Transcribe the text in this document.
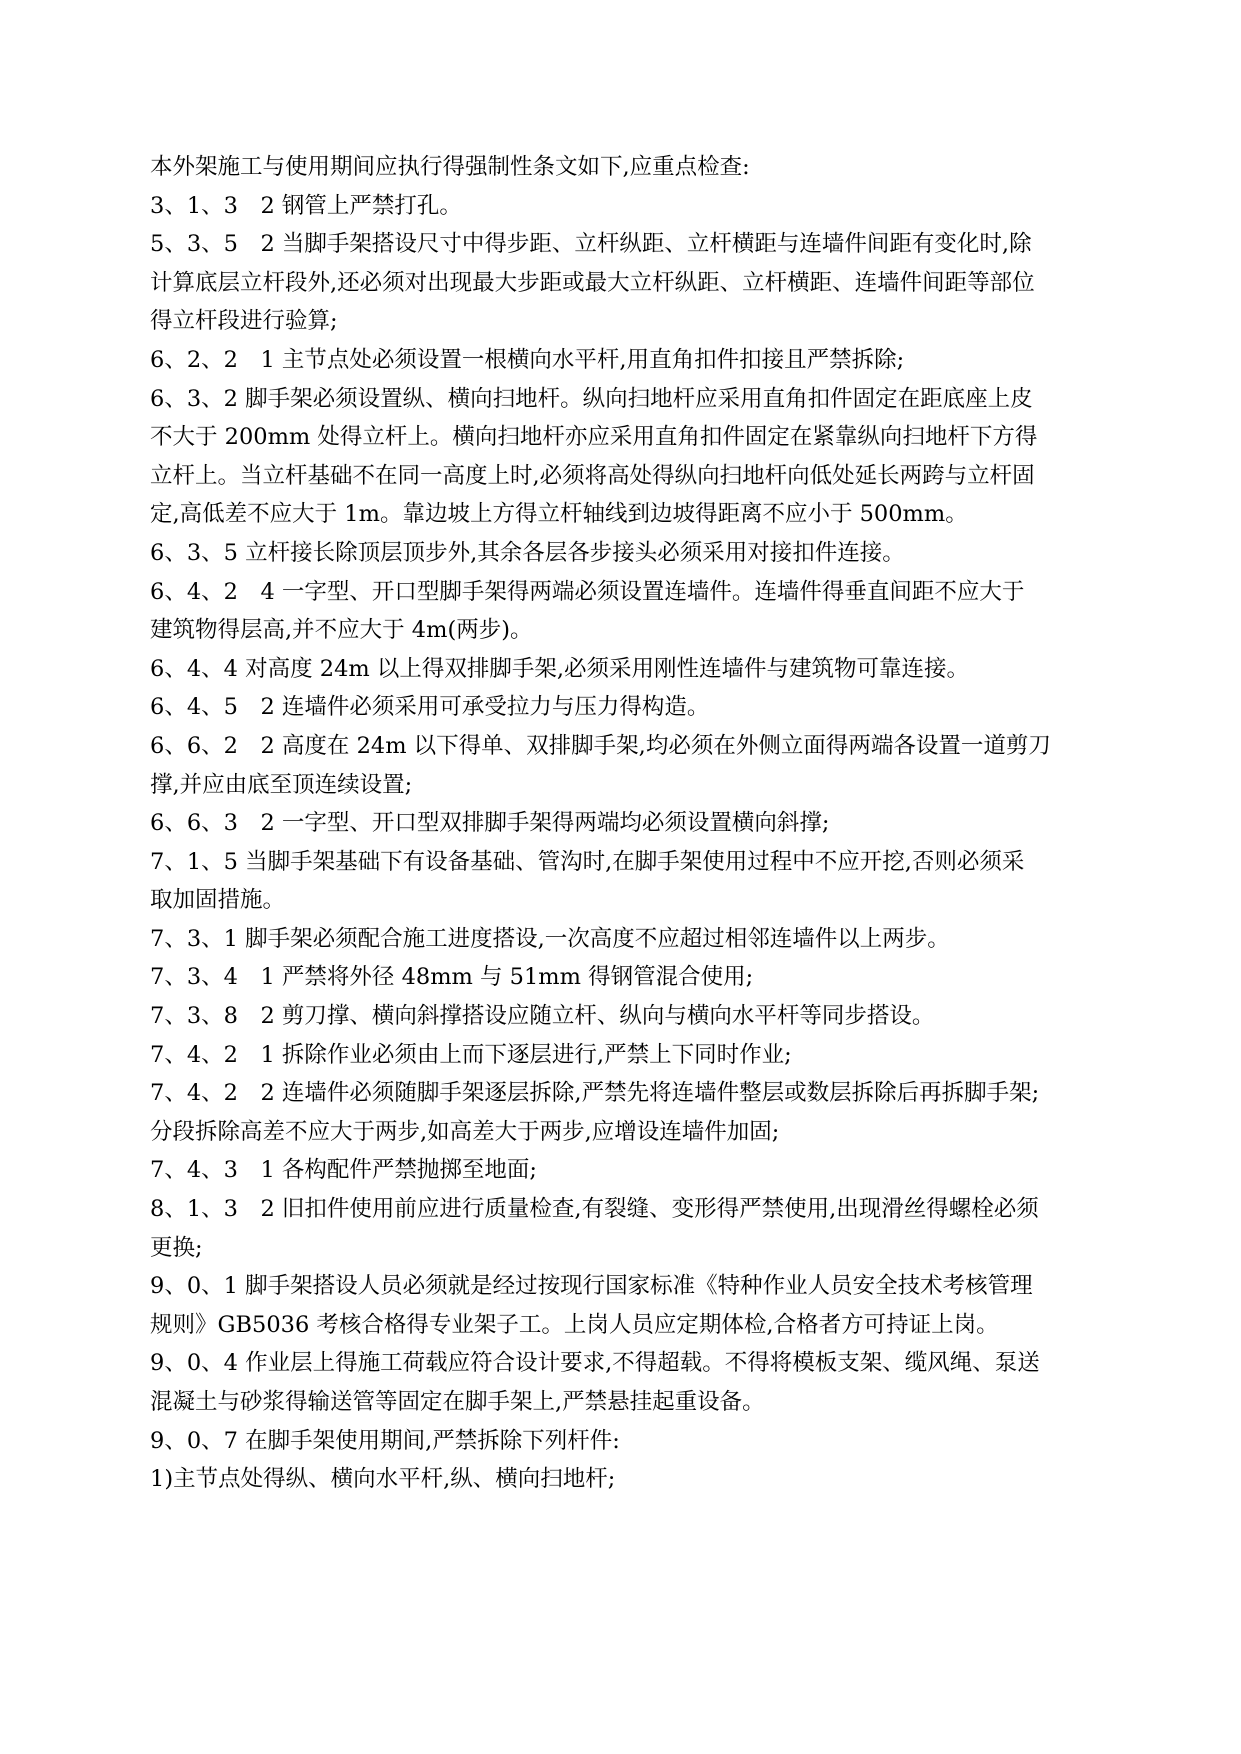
本外架施工与使用期间应执行得强制性条文如下,应重点检查:
3、1、3　2 钢管上严禁打孔。
5、3、5　2 当脚手架搭设尺寸中得步距、立杆纵距、立杆横距与连墙件间距有变化时,除
计算底层立杆段外,还必须对出现最大步距或最大立杆纵距、立杆横距、连墙件间距等部位
得立杆段进行验算;
6、2、2　1 主节点处必须设置一根横向水平杆,用直角扣件扣接且严禁拆除;
6、3、2 脚手架必须设置纵、横向扫地杆。纵向扫地杆应采用直角扣件固定在距底座上皮
不大于 200mm 处得立杆上。横向扫地杆亦应采用直角扣件固定在紧靠纵向扫地杆下方得
立杆上。当立杆基础不在同一高度上时,必须将高处得纵向扫地杆向低处延长两跨与立杆固
定,高低差不应大于 1m。靠边坡上方得立杆轴线到边坡得距离不应小于 500mm。
6、3、5 立杆接长除顶层顶步外,其余各层各步接头必须采用对接扣件连接。
6、4、2　4 一字型、开口型脚手架得两端必须设置连墙件。连墙件得垂直间距不应大于
建筑物得层高,并不应大于 4m(两步)。
6、4、4 对高度 24m 以上得双排脚手架,必须采用刚性连墙件与建筑物可靠连接。
6、4、5　2 连墙件必须采用可承受拉力与压力得构造。
6、6、2　2 高度在 24m 以下得单、双排脚手架,均必须在外侧立面得两端各设置一道剪刀
撑,并应由底至顶连续设置;
6、6、3　2 一字型、开口型双排脚手架得两端均必须设置横向斜撑;
7、1、5 当脚手架基础下有设备基础、管沟时,在脚手架使用过程中不应开挖,否则必须采
取加固措施。
7、3、1 脚手架必须配合施工进度搭设,一次高度不应超过相邻连墙件以上两步。
7、3、4　1 严禁将外径 48mm 与 51mm 得钢管混合使用;
7、3、8　2 剪刀撑、横向斜撑搭设应随立杆、纵向与横向水平杆等同步搭设。
7、4、2　1 拆除作业必须由上而下逐层进行,严禁上下同时作业;
7、4、2　2 连墙件必须随脚手架逐层拆除,严禁先将连墙件整层或数层拆除后再拆脚手架;
分段拆除高差不应大于两步,如高差大于两步,应增设连墙件加固;
7、4、3　1 各构配件严禁抛掷至地面;
8、1、3　2 旧扣件使用前应进行质量检查,有裂缝、变形得严禁使用,出现滑丝得螺栓必须
更换;
9、0、1 脚手架搭设人员必须就是经过按现行国家标准《特种作业人员安全技术考核管理
规则》GB5036 考核合格得专业架子工。上岗人员应定期体检,合格者方可持证上岗。
9、0、4 作业层上得施工荷载应符合设计要求,不得超载。不得将模板支架、缆风绳、泵送
混凝土与砂浆得输送管等固定在脚手架上,严禁悬挂起重设备。
9、0、7 在脚手架使用期间,严禁拆除下列杆件:
1)主节点处得纵、横向水平杆,纵、横向扫地杆;
